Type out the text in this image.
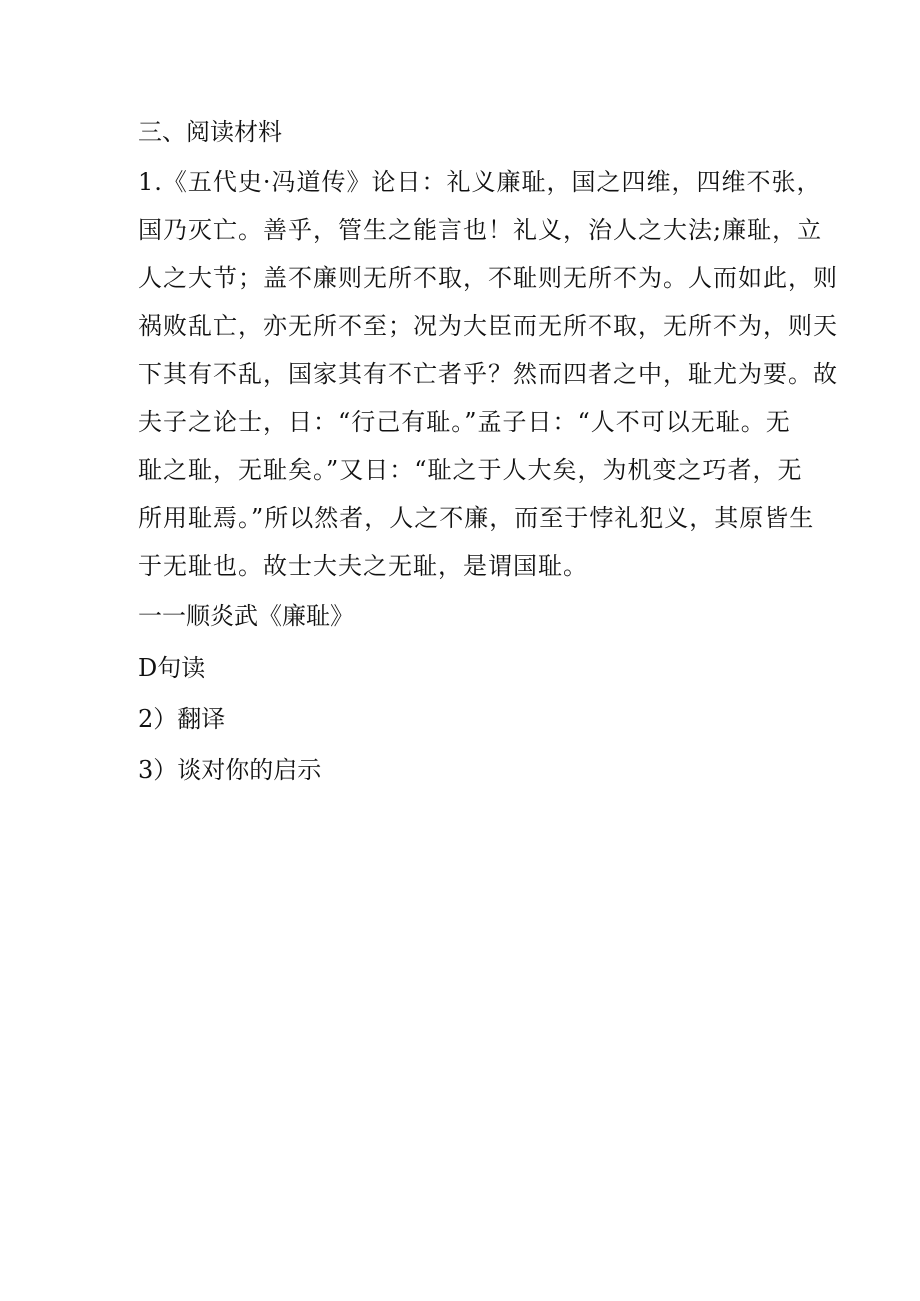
三、阅读材料
1.《五代史·冯道传》论日：礼义廉耻，国之四维，四维不张，
国乃灭亡。善乎，管生之能言也！礼义，治人之大法;廉耻，立
人之大节；盖不廉则无所不取，不耻则无所不为。人而如此，则
祸败乱亡，亦无所不至；况为大臣而无所不取，无所不为，则天
下其有不乱，国家其有不亡者乎？然而四者之中，耻尤为要。故
夫子之论士，日：“行己有耻。”孟子日：“人不可以无耻。无
耻之耻，无耻矣。”又日：“耻之于人大矣，为机变之巧者，无
所用耻焉。”所以然者，人之不廉，而至于悖礼犯义，其原皆生
于无耻也。故士大夫之无耻，是谓国耻。
一一顺炎武《廉耻》
D句读
2）翻译
3）谈对你的启示
